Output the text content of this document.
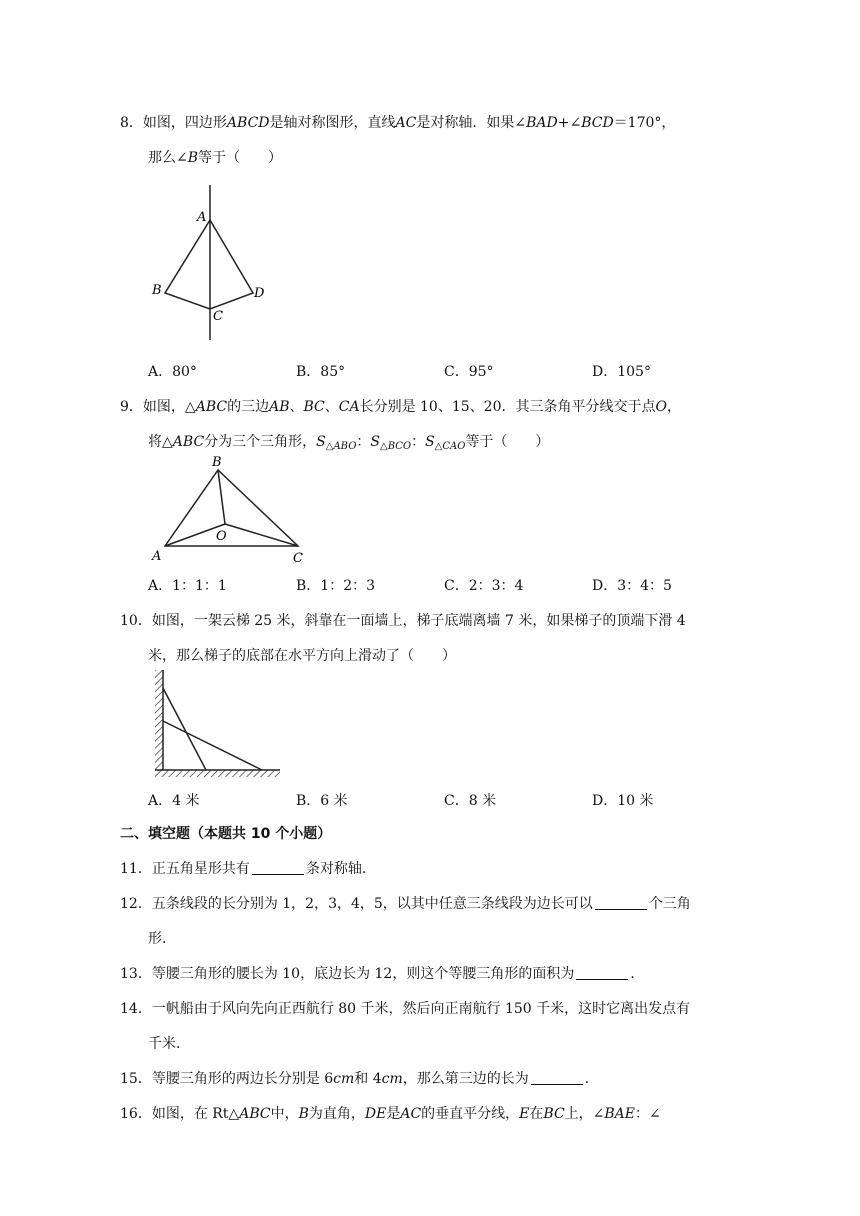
8．如图，四边形ABCD是轴对称图形，直线AC是对称轴．如果∠BAD+∠BCD＝170°，
那么∠B等于（　　）
A
B
C
D
A．80°	B．85°	C．95°	D．105°
9．如图，△ABC的三边AB、BC、CA长分别是 10、15、20．其三条角平分线交于点O，
将△ABC分为三个三角形，$S_{\triangle ABO}$：$S_{\triangle BCO}$：$S_{\triangle CAO}$等于（　　）
B
O
A	C
A．1：1：1	B．1：2：3	C．2：3：4	D．3：4：5
10．如图，一架云梯 25 米，斜靠在一面墙上，梯子底端离墙 7 米，如果梯子的顶端下滑 4
米，那么梯子的底部在水平方向上滑动了（　　）
A．4 米	B．6 米	C．8 米	D．10 米
二、填空题（本题共 10 个小题）
11．正五角星形共有	条对称轴．
12．五条线段的长分别为 1，2，3，4，5，以其中任意三条线段为边长可以	个三角
形．
13．等腰三角形的腰长为 10，底边长为 12，则这个等腰三角形的面积为	．
14．一帆船由于风向先向正西航行 80 千米，然后向正南航行 150 千米，这时它离出发点有
千米．
15．等腰三角形的两边长分别是 6cm和 4cm，那么第三边的长为	．
16．如图，在 Rt△ABC中，B为直角，DE是AC的垂直平分线，E在BC上，∠BAE：∠
